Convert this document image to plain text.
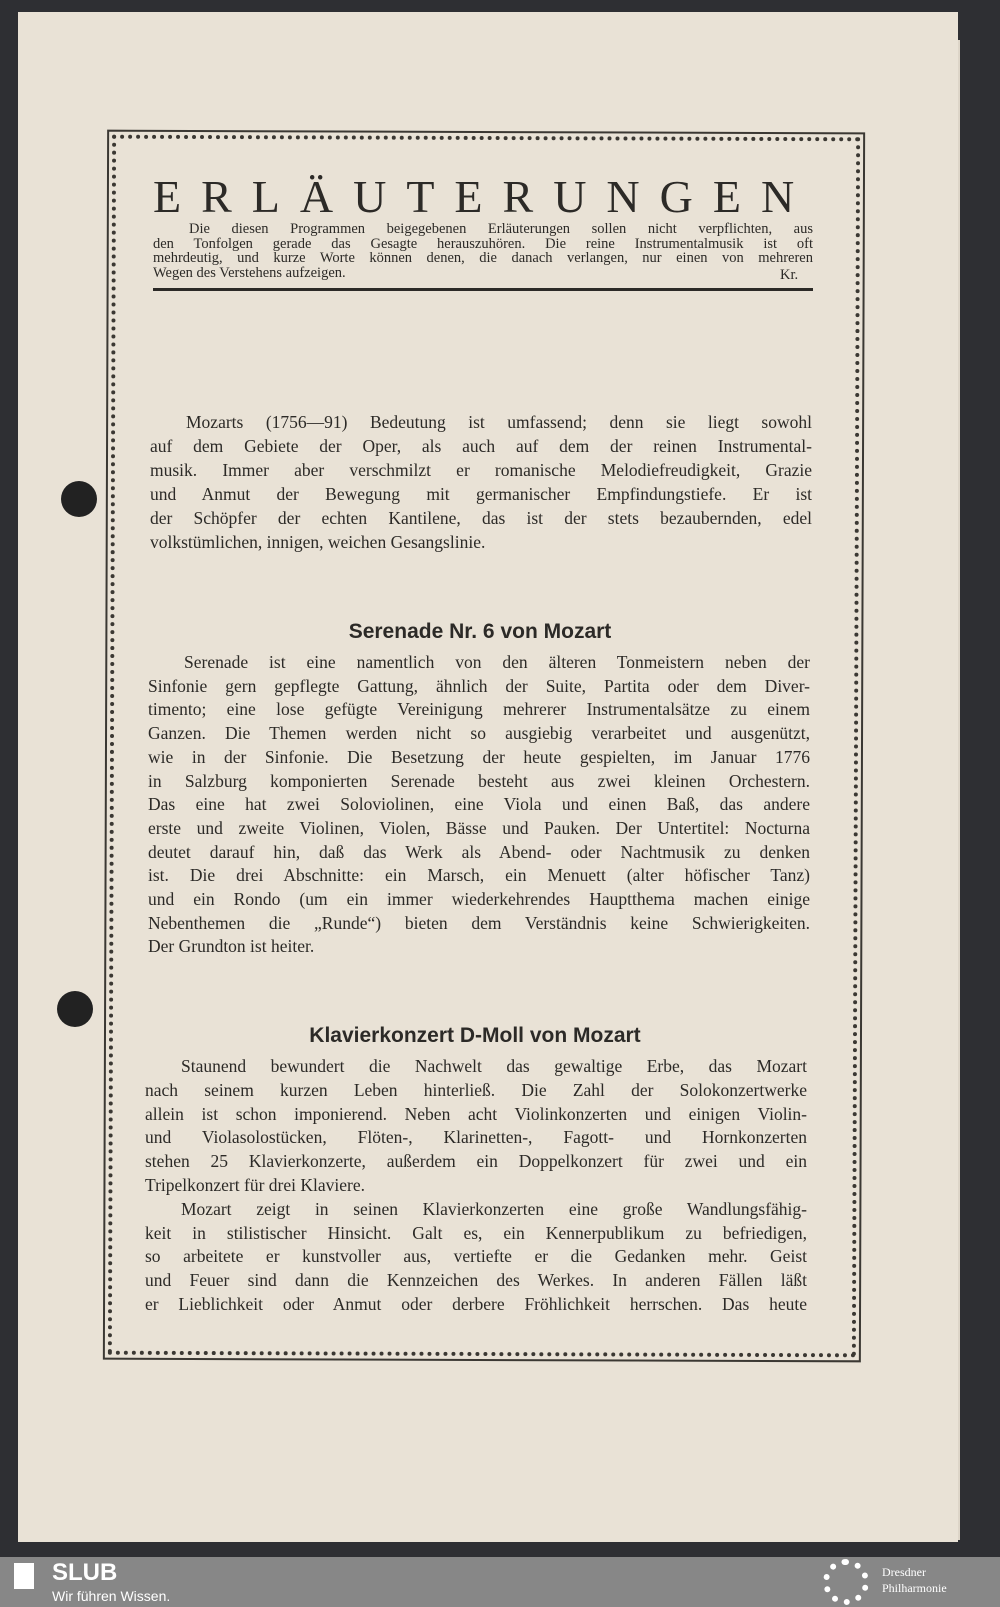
ERLÄUTERUNGEN
Die diesen Programmen beigegebenen Erläuterungen sollen nicht verpflichten, aus
den Tonfolgen gerade das Gesagte herauszuhören. Die reine Instrumentalmusik ist oft
mehrdeutig, und kurze Worte können denen, die danach verlangen, nur einen von mehreren
Wegen des Verstehens aufzeigen.	Kr.
Mozarts (1756—91) Bedeutung ist umfassend; denn sie liegt sowohl
auf dem Gebiete der Oper, als auch auf dem der reinen Instrumental-
musik. Immer aber verschmilzt er romanische Melodiefreudigkeit, Grazie
und Anmut der Bewegung mit germanischer Empfindungstiefe. Er ist
der Schöpfer der echten Kantilene, das ist der stets bezaubernden, edel
volkstümlichen, innigen, weichen Gesangslinie.
Serenade Nr. 6 von Mozart
Serenade ist eine namentlich von den älteren Tonmeistern neben der
Sinfonie gern gepflegte Gattung, ähnlich der Suite, Partita oder dem Diver-
timento; eine lose gefügte Vereinigung mehrerer Instrumentalsätze zu einem
Ganzen. Die Themen werden nicht so ausgiebig verarbeitet und ausgenützt,
wie in der Sinfonie. Die Besetzung der heute gespielten, im Januar 1776
in Salzburg komponierten Serenade besteht aus zwei kleinen Orchestern.
Das eine hat zwei Soloviolinen, eine Viola und einen Baß, das andere
erste und zweite Violinen, Violen, Bässe und Pauken. Der Untertitel: Nocturna
deutet darauf hin, daß das Werk als Abend- oder Nachtmusik zu denken
ist. Die drei Abschnitte: ein Marsch, ein Menuett (alter höfischer Tanz)
und ein Rondo (um ein immer wiederkehrendes Hauptthema machen einige
Nebenthemen die „Runde“) bieten dem Verständnis keine Schwierigkeiten.
Der Grundton ist heiter.
Klavierkonzert D-Moll von Mozart
Staunend bewundert die Nachwelt das gewaltige Erbe, das Mozart
nach seinem kurzen Leben hinterließ. Die Zahl der Solokonzertwerke
allein ist schon imponierend. Neben acht Violinkonzerten und einigen Violin-
und Violasolostücken, Flöten-, Klarinetten-, Fagott- und Hornkonzerten
stehen 25 Klavierkonzerte, außerdem ein Doppelkonzert für zwei und ein
Tripelkonzert für drei Klaviere.
Mozart zeigt in seinen Klavierkonzerten eine große Wandlungsfähig-
keit in stilistischer Hinsicht. Galt es, ein Kennerpublikum zu befriedigen,
so arbeitete er kunstvoller aus, vertiefte er die Gedanken mehr. Geist
und Feuer sind dann die Kennzeichen des Werkes. In anderen Fällen läßt
er Lieblichkeit oder Anmut oder derbere Fröhlichkeit herrschen. Das heute
SLUB
Wir führen Wissen.
Dresdner
Philharmonie
